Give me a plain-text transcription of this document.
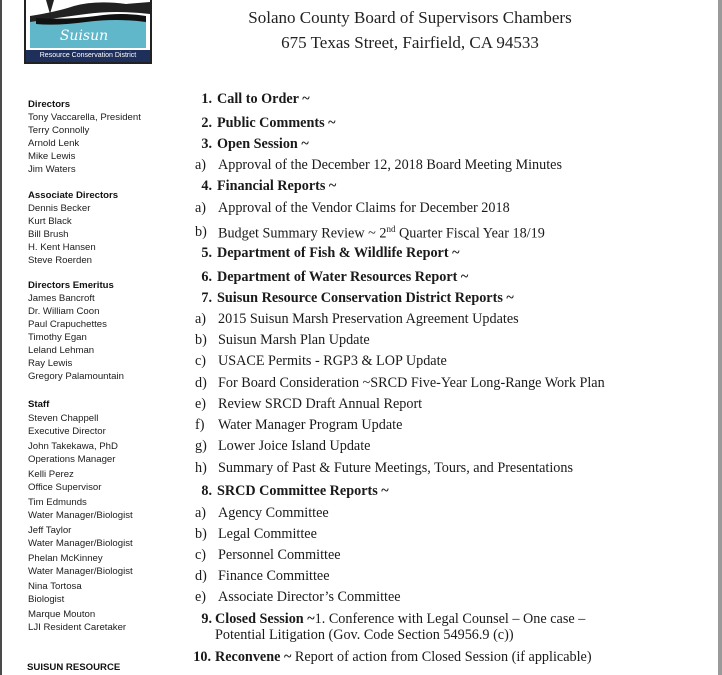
Suisun
Resource Conservation District
Solano County Board of Supervisors Chambers
675 Texas Street, Fairfield, CA 94533
Directors
Tony Vaccarella, President
Terry Connolly
Arnold Lenk
Mike Lewis
Jim Waters
Associate Directors
Dennis Becker
Kurt Black
Bill Brush
H. Kent Hansen
Steve Roerden
Directors Emeritus
James Bancroft
Dr. William Coon
Paul Crapuchettes
Timothy Egan
Leland Lehman
Ray Lewis
Gregory Palamountain
Staff
Steven Chappell
Executive Director
John Takekawa, PhD
Operations Manager
Kelli Perez
Office Supervisor
Tim Edmunds
Water Manager/Biologist
Jeff Taylor
Water Manager/Biologist
Phelan McKinney
Water Manager/Biologist
Nina Tortosa
Biologist
Marque Mouton
LJI Resident Caretaker
SUISUN RESOURCE
1. Call to Order ~
2. Public Comments ~
3. Open Session ~
a) Approval of the December 12, 2018 Board Meeting Minutes
4. Financial Reports ~
a) Approval of the Vendor Claims for December 2018
b) Budget Summary Review ~ 2nd Quarter Fiscal Year 18/19
5. Department of Fish & Wildlife Report ~
6. Department of Water Resources Report ~
7. Suisun Resource Conservation District Reports ~
a) 2015 Suisun Marsh Preservation Agreement Updates
b) Suisun Marsh Plan Update
c) USACE Permits - RGP3 & LOP Update
d) For Board Consideration ~SRCD Five-Year Long-Range Work Plan
e) Review SRCD Draft Annual Report
f) Water Manager Program Update
g) Lower Joice Island Update
h) Summary of Past & Future Meetings, Tours, and Presentations
8. SRCD Committee Reports ~
a) Agency Committee
b) Legal Committee
c) Personnel Committee
d) Finance Committee
e) Associate Director’s Committee
9. Closed Session ~1. Conference with Legal Counsel – One case –
Potential Litigation (Gov. Code Section 54956.9 (c))
10. Reconvene ~ Report of action from Closed Session (if applicable)
